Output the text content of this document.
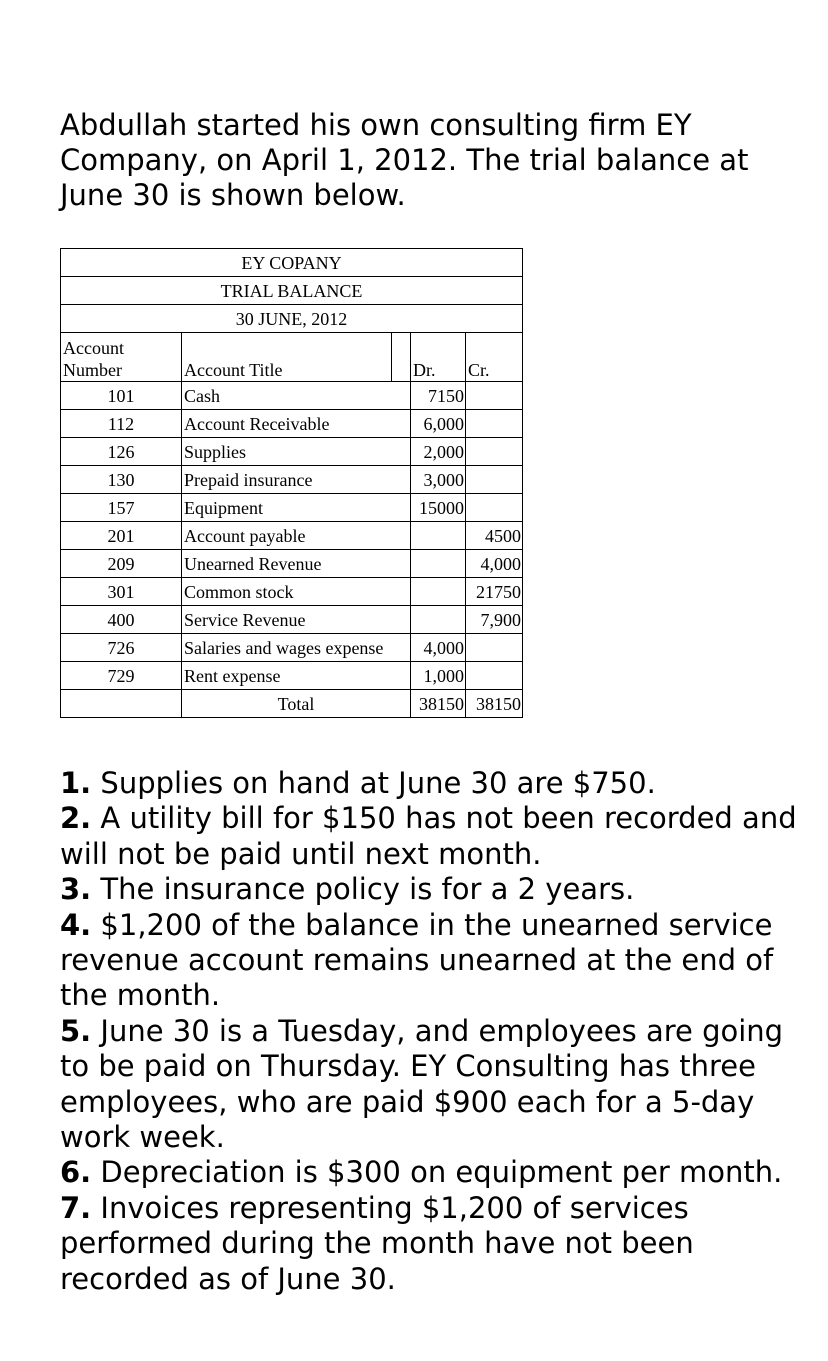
Abdullah started his own consulting firm EY Company, on April 1, 2012. The trial balance at June 30 is shown below.

EY COPANY				
TRIAL BALANCE				
30 JUNE, 2012				
Account
Number	Account Title		Dr.	Cr.
101	Cash		7150	
112	Account Receivable		6,000	
126	Supplies		2,000	
130	Prepaid insurance		3,000	
157	Equipment		15000	
201	Account payable			4500
209	Unearned Revenue			4,000
301	Common stock			21750
400	Service Revenue			7,900
726	Salaries and wages expense		4,000	
729	Rent expense		1,000	
	Total		38150	38150
1. Supplies on hand at June 30 are $750.
2. A utility bill for $150 has not been recorded and will not be paid until next month.
3. The insurance policy is for a 2 years.
4. $1,200 of the balance in the unearned service revenue account remains unearned at the end of the month.
5. June 30 is a Tuesday, and employees are going to be paid on Thursday. EY Consulting has three employees, who are paid $900 each for a 5-day work week.
6. Depreciation is $300 on equipment per month.
7. Invoices representing $1,200 of services performed during the month have not been recorded as of June 30.
